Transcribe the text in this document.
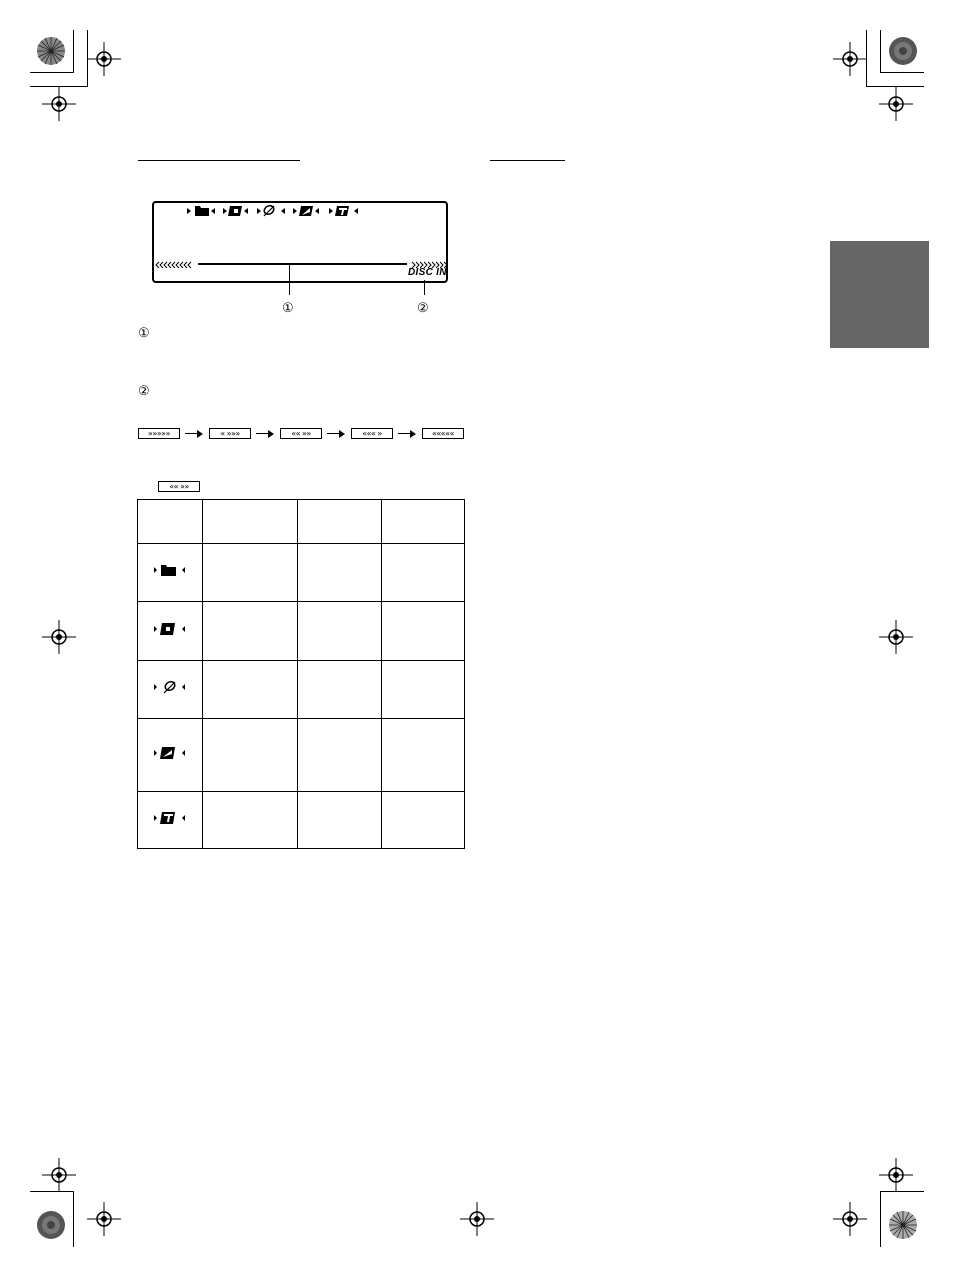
DISC IN
①	②
①
②
»»»»»	« »»»	«« »»	««« »	«««««
«« »»
